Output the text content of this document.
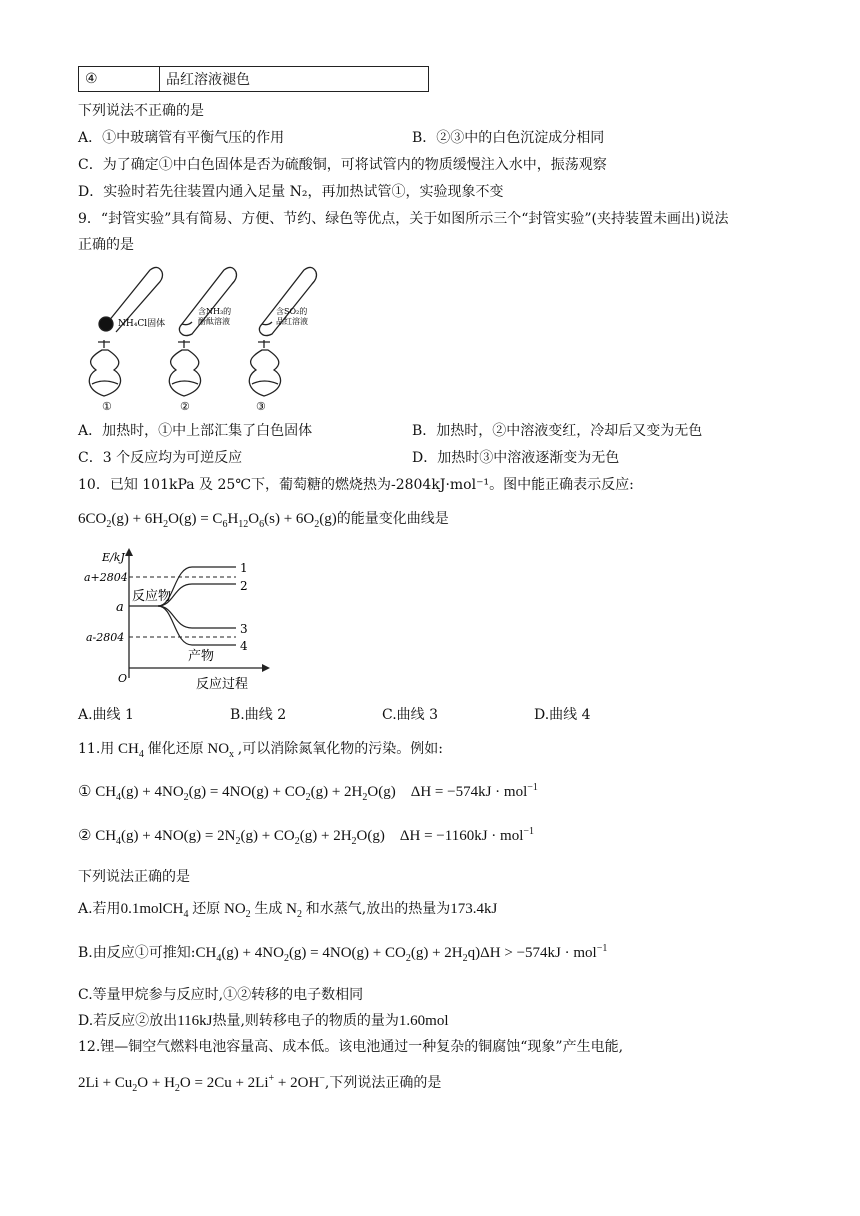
④	品红溶液褪色
下列说法不正确的是
A．①中玻璃管有平衡气压的作用	B．②③中的白色沉淀成分相同
C．为了确定①中白色固体是否为硫酸铜，可将试管内的物质缓慢注入水中，振荡观察
D．实验时若先往装置内通入足量 N₂，再加热试管①，实验现象不变
9．“封管实验”具有简易、方便、节约、绿色等优点，关于如图所示三个“封管实验”(夹持装置未画出)说法
正确的是
NH₄Cl固体
①
含NH₃的
酚酞溶液
②
含SO₂的
品红溶液
③
A．加热时，①中上部汇集了白色固体	B．加热时，②中溶液变红，冷却后又变为无色
C．3 个反应均为可逆反应	D．加热时③中溶液逐渐变为无色
10．已知 101kPa 及 25℃下，葡萄糖的燃烧热为-2804kJ·mol⁻¹。图中能正确表示反应:
$6CO_2(g) + 6H_2O(g) = C_6H_{12}O_6(s) + 6O_2(g)$的能量变化曲线是
E/kJ
a+2804
a
a-2804
O	反应过程
反应物
产物
1
2
3
4
A.曲线 1	B.曲线 2	C.曲线 3	D.曲线 4
11.用 $CH_4$ 催化还原 $NO_x$ ,可以消除氮氧化物的污染。例如:
① $CH_4(g) + 4NO_2(g) = 4NO(g) + CO_2(g) + 2H_2O(g)$    ΔH = −574kJ · mol$^{-1}$
② $CH_4(g) + 4NO(g) = 2N_2(g) + CO_2(g) + 2H_2O(g)$    ΔH = −1160kJ · mol$^{-1}$
下列说法正确的是
A.若用0.1molCH$_4$ 还原 $NO_2$ 生成 $N_2$ 和水蒸气,放出的热量为173.4kJ
B.由反应①可推知$:CH_4(g) + 4NO_2(g) = 4NO(g) + CO_2(g) + 2H_2q)\Delta H > -574kJ \cdot mol^{-1}$
C.等量甲烷参与反应时,①②转移的电子数相同
D.若反应②放出116kJ热量,则转移电子的物质的量为1.60mol
12.锂—铜空气燃料电池容量高、成本低。该电池通过一种复杂的铜腐蚀“现象”产生电能,
$2Li + Cu_2O + H_2O = 2Cu + 2Li^+ + 2OH^-$,下列说法正确的是
